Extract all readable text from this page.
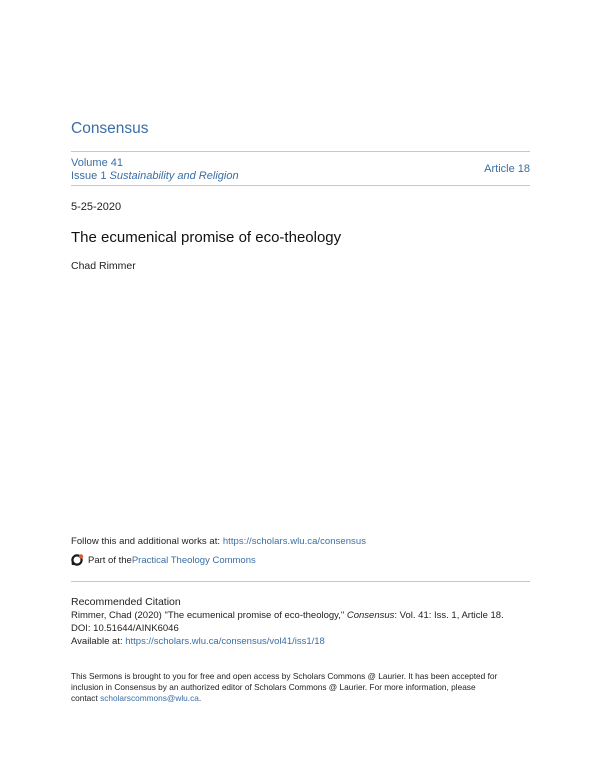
Consensus
Volume 41
Issue 1 Sustainability and Religion
Article 18
5-25-2020
The ecumenical promise of eco-theology
Chad Rimmer
Follow this and additional works at: https://scholars.wlu.ca/consensus
Part of the Practical Theology Commons
Recommended Citation
Rimmer, Chad (2020) "The ecumenical promise of eco-theology," Consensus: Vol. 41: Iss. 1, Article 18.
DOI: 10.51644/AINK6046
Available at: https://scholars.wlu.ca/consensus/vol41/iss1/18
This Sermons is brought to you for free and open access by Scholars Commons @ Laurier. It has been accepted for
inclusion in Consensus by an authorized editor of Scholars Commons @ Laurier. For more information, please
contact scholarscommons@wlu.ca.
